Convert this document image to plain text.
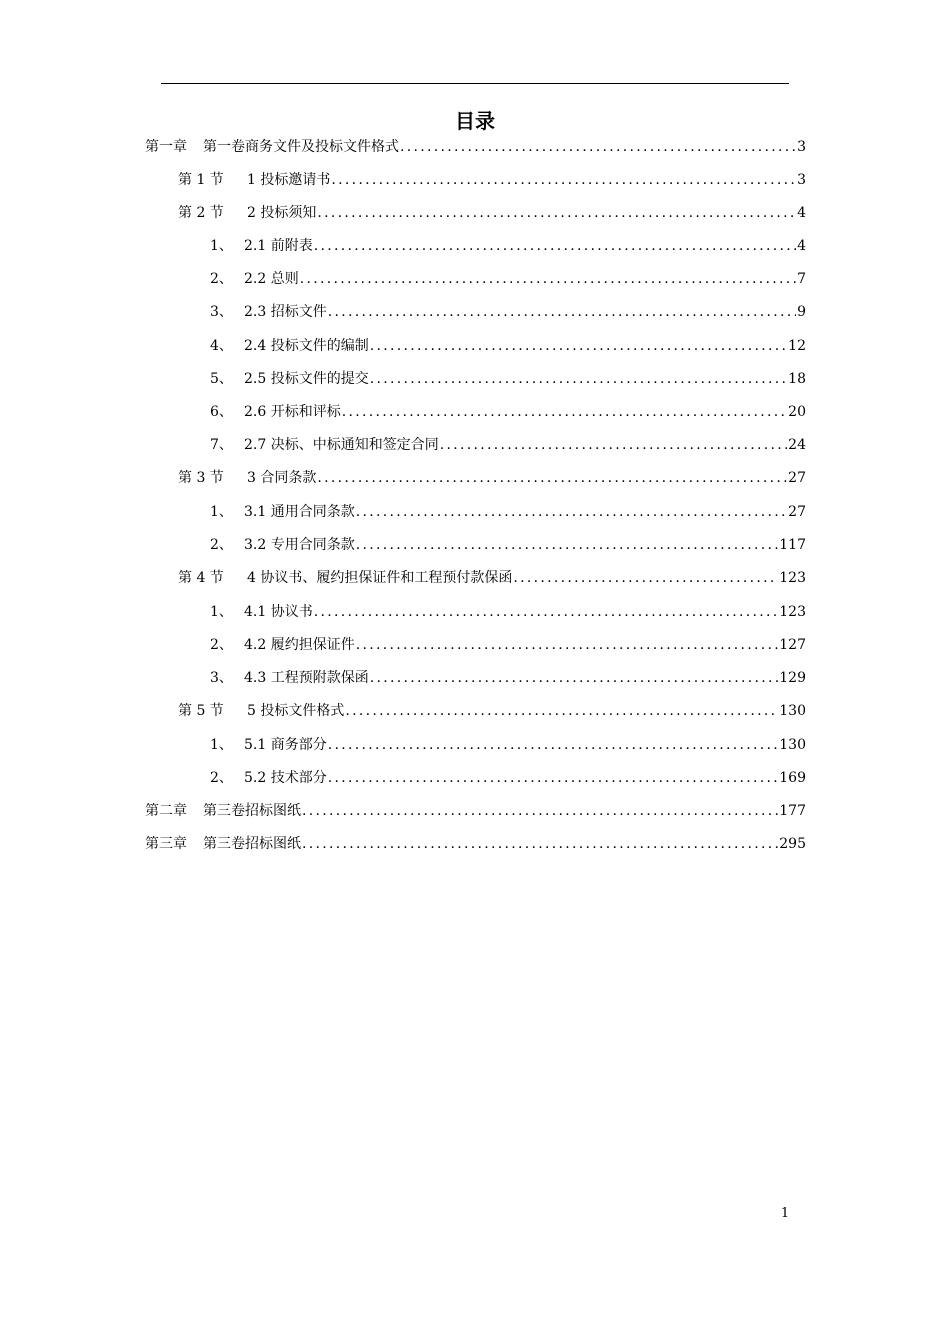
目录
第一章	第一卷商务文件及投标文件格式 .....	3
第 1 节	1 投标邀请书 .....	3
第 2 节	2 投标须知 .....	4
1、 2.1 前附表 .....	4
2、 2.2 总则 .....	7
3、 2.3 招标文件 .....	9
4、 2.4 投标文件的编制 .....	12
5、 2.5 投标文件的提交 .....	18
6、 2.6 开标和评标 .....	20
7、 2.7 决标、中标通知和签定合同 .....	24
第 3 节	3 合同条款 .....	27
1、 3.1 通用合同条款 .....	27
2、 3.2 专用合同条款 .....	117
第 4 节	4 协议书、履约担保证件和工程预付款保函 .....	123
1、 4.1 协议书 .....	123
2、 4.2 履约担保证件 .....	127
3、 4.3 工程预附款保函 .....	129
第 5 节	5 投标文件格式 .....	130
1、 5.1 商务部分 .....	130
2、 5.2 技术部分 .....	169
第二章	第三卷招标图纸 .....	177
第三章	第三卷招标图纸 .....	295
1
